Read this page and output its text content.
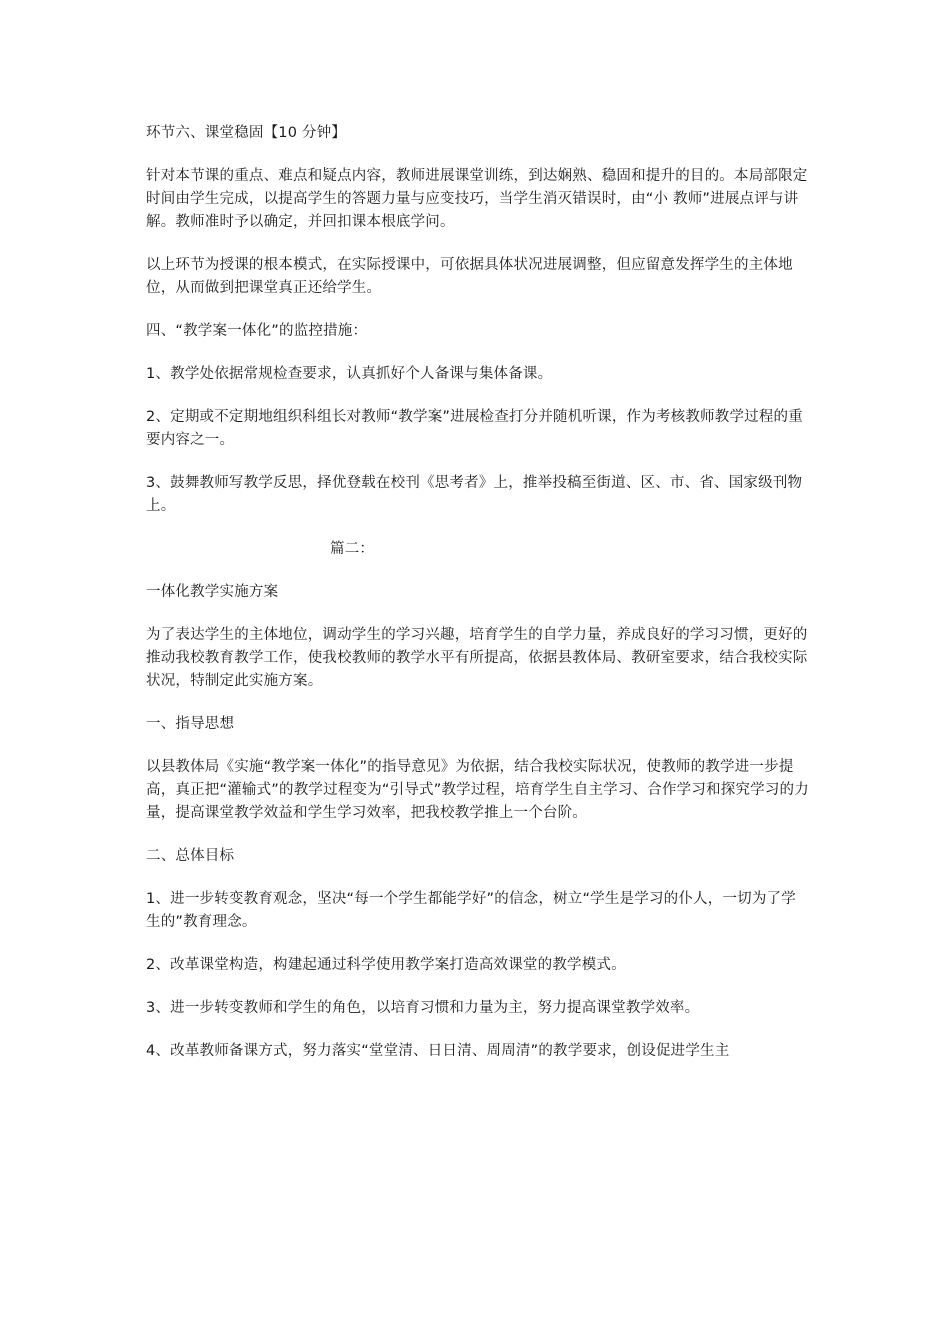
环节六、课堂稳固【10 分钟】

针对本节课的重点、难点和疑点内容，教师进展课堂训练，到达娴熟、稳固和提升的目的。本局部限定时间由学生完成，以提高学生的答题力量与应变技巧，当学生消灭错误时，由“小 教师”进展点评与讲解。教师准时予以确定，并回扣课本根底学问。

以上环节为授课的根本模式，在实际授课中，可依据具体状况进展调整，但应留意发挥学生的主体地位，从而做到把课堂真正还给学生。

四、“教学案一体化”的监控措施：

1、教学处依据常规检查要求，认真抓好个人备课与集体备课。

2、定期或不定期地组织科组长对教师“教学案”进展检查打分并随机听课，作为考核教师教学过程的重要内容之一。

3、鼓舞教师写教学反思，择优登载在校刊《思考者》上，推举投稿至街道、区、市、省、国家级刊物上。

篇二：

一体化教学实施方案

为了表达学生的主体地位，调动学生的学习兴趣，培育学生的自学力量，养成良好的学习习惯，更好的推动我校教育教学工作，使我校教师的教学水平有所提高，依据县教体局、教研室要求，结合我校实际状况，特制定此实施方案。

一、指导思想

以县教体局《实施“教学案一体化”的指导意见》为依据，结合我校实际状况，使教师的教学进一步提高，真正把“灌输式”的教学过程变为“引导式”教学过程，培育学生自主学习、合作学习和探究学习的力量，提高课堂教学效益和学生学习效率，把我校教学推上一个台阶。

二、总体目标

1、进一步转变教育观念，坚决“每一个学生都能学好”的信念，树立“学生是学习的仆人，一切为了学生的”教育理念。

2、改革课堂构造，构建起通过科学使用教学案打造高效课堂的教学模式。

3、进一步转变教师和学生的角色，以培育习惯和力量为主，努力提高课堂教学效率。

4、改革教师备课方式，努力落实“堂堂清、日日清、周周清”的教学要求，创设促进学生主
